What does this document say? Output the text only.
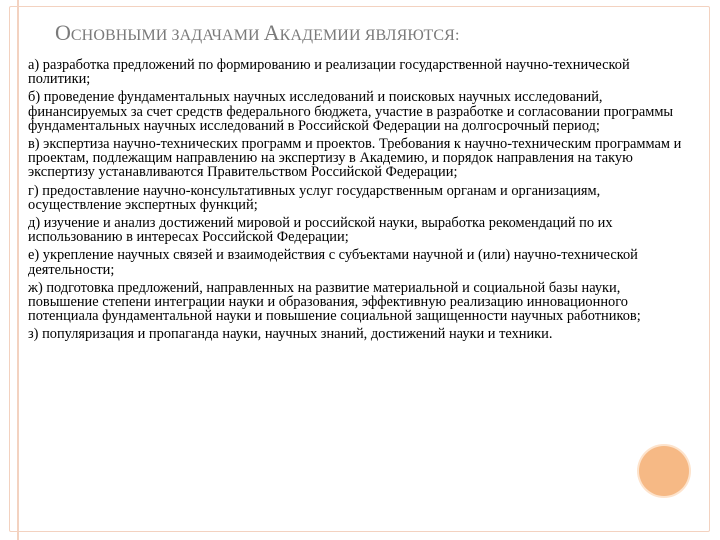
ОСНОВНЫМИ ЗАДАЧАМИ АКАДЕМИИ ЯВЛЯЮТСЯ:

а) разработка предложений по формированию и реализации государственной научно-технической политики;

б) проведение фундаментальных научных исследований и поисковых научных исследований, финансируемых за счет средств федерального бюджета, участие в разработке и согласовании программы фундаментальных научных исследований в Российской Федерации на долгосрочный период;

в) экспертиза научно-технических программ и проектов. Требования к научно-техническим программам и проектам, подлежащим направлению на экспертизу в Академию, и порядок направления на такую экспертизу устанавливаются Правительством Российской Федерации;

г) предоставление научно-консультативных услуг государственным органам и организациям, осуществление экспертных функций;

д) изучение и анализ достижений мировой и российской науки, выработка рекомендаций по их использованию в интересах Российской Федерации;

е) укрепление научных связей и взаимодействия с субъектами научной и (или) научно-технической деятельности;

ж) подготовка предложений, направленных на развитие материальной и социальной базы науки, повышение степени интеграции науки и образования, эффективную реализацию инновационного потенциала фундаментальной науки и повышение социальной защищенности научных работников;

з) популяризация и пропаганда науки, научных знаний, достижений науки и техники.
